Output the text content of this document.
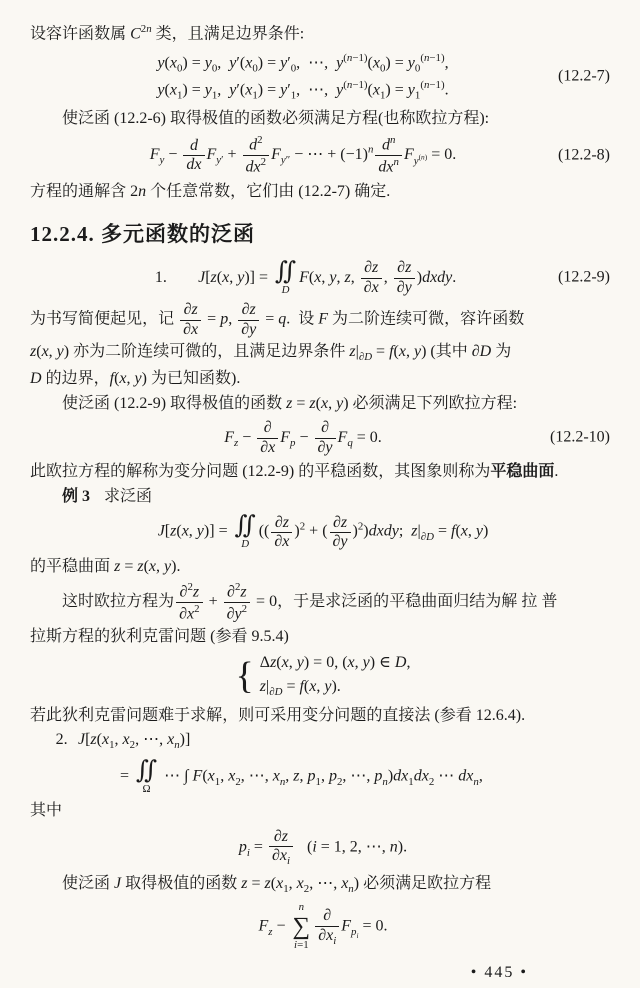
设容许函数属 $C^{2n}$ 类，且满足边界条件:

$y(x_0) = y_0$, $y'(x_0) = y'_0$, ⋯, $y^{(n-1)}(x_0) = y_0^{(n-1)}$,
$y(x_1) = y_1$, $y'(x_1) = y'_1$, ⋯, $y^{(n-1)}(x_1) = y_1^{(n-1)}$.
(12.2-7)

使泛函 (12.2-6) 取得极值的函数必须满足方程(也称欧拉方程):

$F_y - \frac{d}{dx} F_{y'} + \frac{d^2}{dx^2} F_{y''}$ − ⋯ + $(-1)^n$ $d^n$
$dx^n$ $F_{y^{(n)}} = 0$.	(12.2-8)

方程的通解含 2n 个任意常数，它们由 (12.2-7) 确定.

12.2.4. 多元函数的泛函
1. J[z(x, y)] = ∬
D
F(x, y, z, $\frac{\partial z}{\partial x}$ , $\frac{\partial z}{\partial y}$ )dxdy.	(12.2-9)

为书写简便起见，记 $\frac{\partial z}{\partial x} = p$, $\frac{\partial z}{\partial y} = q$. 设 F 为二阶连续可微，容许函数

z(x, y) 亦为二阶连续可微的，且满足边界条件 $z|_{\partial D} = f(x$, y) (其中 ∂D 为

D 的边界，f(x, y) 为已知函数).

使泛函 (12.2-9) 取得极值的函数 z = z(x, y) 必须满足下列欧拉方程:

$F_z$ −
∂
∂x
$F_p$ −
∂
∂y
$F_q = 0$.	(12.2-10)

此欧拉方程的解称为变分问题 (12.2-9) 的平稳函数，其图象则称为平稳曲面.

例 3 求泛函

J[z(x, y)] = ∬
D
(( $\frac{\partial z}{\partial x} )^2$ + ( $\frac{\partial z}{\partial y}$ )$^2$)dxdy; $z|_{\partial D} = f(x$, y)

的平稳曲面 z = z(x, y).

这时欧拉方程为 $\frac{\partial^2z}{\partial x^2} + \frac{\partial^2z}{\partial y^2} = 0$，于是求泛函的平稳曲面归结为解 拉 普

拉斯方程的狄利克雷问题 (参看 9.5.4)

{ Δz(x, y) = 0, (x, y) ∈ D,
$z|_{\partial D} = f(x$, y).

若此狄利克雷问题难于求解，则可采用变分问题的直接法 (参看 12.6.4).

2. $J[z(x_1$, $x_2$, ⋯, $x_n$)]

= ∬
Ω
⋯ ∫ $F(x_1$, $x_2$, ⋯, $x_n$, z, $p_1$, $p_2$, ⋯, $p_n)dx_1dx_2$ ⋯ $dx_n$,

其中

$p_i = \frac{\partial z}{\partial x_i} (i = 1$, 2, ⋯, n).

使泛函 J 取得极值的函数 $z = z(x_1$, $x_2$, ⋯, $x_n$) 必须满足欧拉方程

$F_z$ −
n
∑
i=1
∂
$\partial x_i$
$F_{p_i} = 0$.
• 445 •
